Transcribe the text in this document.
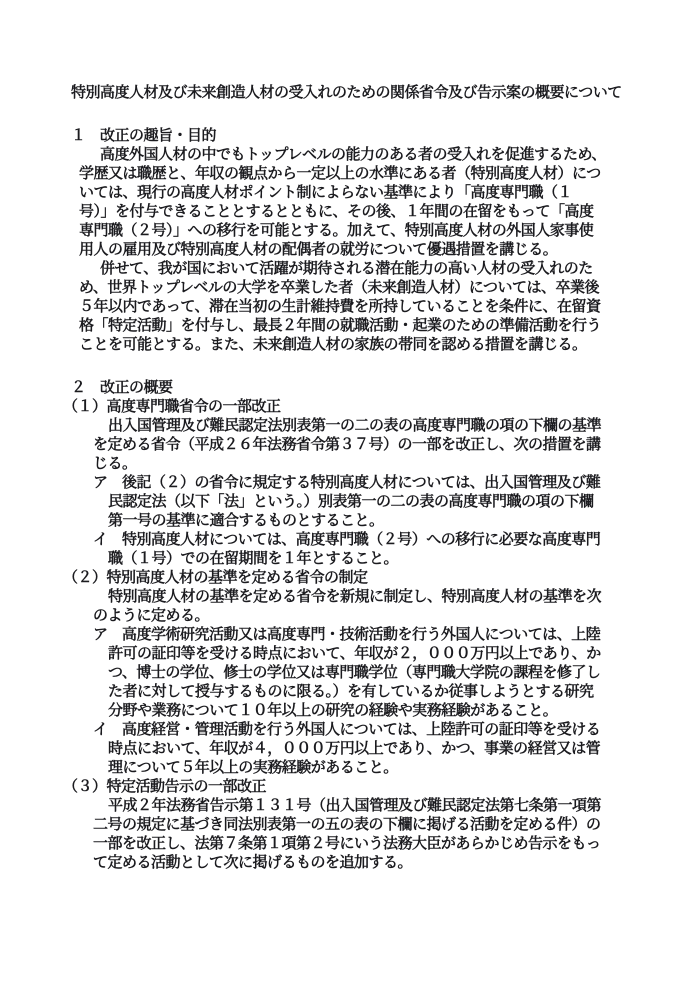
特別高度人材及び未来創造人材の受入れのための関係省令及び告示案の概要について
１　改正の趣旨・目的
高度外国人材の中でもトップレベルの能力のある者の受入れを促進するため、
学歴又は職歴と、年収の観点から一定以上の水準にある者（特別高度人材）につ
いては、現行の高度人材ポイント制によらない基準により「高度専門職（１
号）」を付与できることとするとともに、その後、１年間の在留をもって「高度
専門職（２号）」への移行を可能とする。加えて、特別高度人材の外国人家事使
用人の雇用及び特別高度人材の配偶者の就労について優遇措置を講じる。
併せて、我が国において活躍が期待される潜在能力の高い人材の受入れのた
め、世界トップレベルの大学を卒業した者（未来創造人材）については、卒業後
５年以内であって、滞在当初の生計維持費を所持していることを条件に、在留資
格「特定活動」を付与し、最長２年間の就職活動・起業のための準備活動を行う
ことを可能とする。また、未来創造人材の家族の帯同を認める措置を講じる。
２　改正の概要
（１）高度専門職省令の一部改正
出入国管理及び難民認定法別表第一の二の表の高度専門職の項の下欄の基準
を定める省令（平成２６年法務省令第３７号）の一部を改正し、次の措置を講
じる。
ア　後記（２）の省令に規定する特別高度人材については、出入国管理及び難
民認定法（以下「法」という。）別表第一の二の表の高度専門職の項の下欄
第一号の基準に適合するものとすること。
イ　特別高度人材については、高度専門職（２号）への移行に必要な高度専門
職（１号）での在留期間を１年とすること。
（２）特別高度人材の基準を定める省令の制定
特別高度人材の基準を定める省令を新規に制定し、特別高度人材の基準を次
のように定める。
ア　高度学術研究活動又は高度専門・技術活動を行う外国人については、上陸
許可の証印等を受ける時点において、年収が２，０００万円以上であり、か
つ、博士の学位、修士の学位又は専門職学位（専門職大学院の課程を修了し
た者に対して授与するものに限る。）を有しているか従事しようとする研究
分野や業務について１０年以上の研究の経験や実務経験があること。
イ　高度経営・管理活動を行う外国人については、上陸許可の証印等を受ける
時点において、年収が４，０００万円以上であり、かつ、事業の経営又は管
理について５年以上の実務経験があること。
（３）特定活動告示の一部改正
平成２年法務省告示第１３１号（出入国管理及び難民認定法第七条第一項第
二号の規定に基づき同法別表第一の五の表の下欄に掲げる活動を定める件）の
一部を改正し、法第７条第１項第２号にいう法務大臣があらかじめ告示をもっ
て定める活動として次に掲げるものを追加する。
